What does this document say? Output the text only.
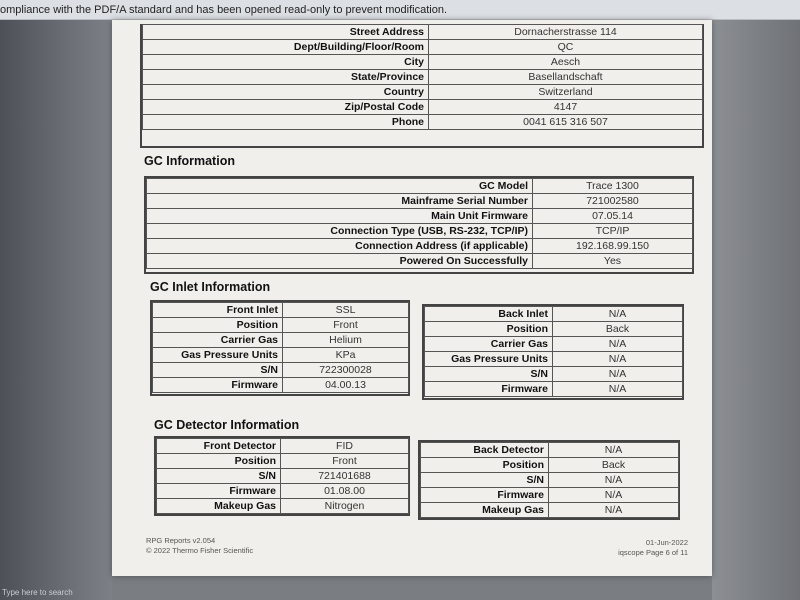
ompliance with the PDF/A standard and has been opened read-only to prevent modification.
Type here to search
Street Address	Dornacherstrasse 114
Dept/Building/Floor/Room	QC
City	Aesch
State/Province	Basellandschaft
Country	Switzerland
Zip/Postal Code	4147
Phone	0041 615 316 507
GC Information
GC Model	Trace 1300
Mainframe Serial Number	721002580
Main Unit Firmware	07.05.14
Connection Type (USB, RS-232, TCP/IP)	TCP/IP
Connection Address (if applicable)	192.168.99.150
Powered On Successfully	Yes
GC Inlet Information
Front Inlet	SSL
Position	Front
Carrier Gas	Helium
Gas Pressure Units	KPa
S/N	722300028
Firmware	04.00.13
Back Inlet	N/A
Position	Back
Carrier Gas	N/A
Gas Pressure Units	N/A
S/N	N/A
Firmware	N/A
GC Detector Information
Front Detector	FID
Position	Front
S/N	721401688
Firmware	01.08.00
Makeup Gas	Nitrogen
Back Detector	N/A
Position	Back
S/N	N/A
Firmware	N/A
Makeup Gas	N/A
RPG Reports v2.054
© 2022 Thermo Fisher Scientific
01-Jun-2022
iqscope Page 6 of 11
